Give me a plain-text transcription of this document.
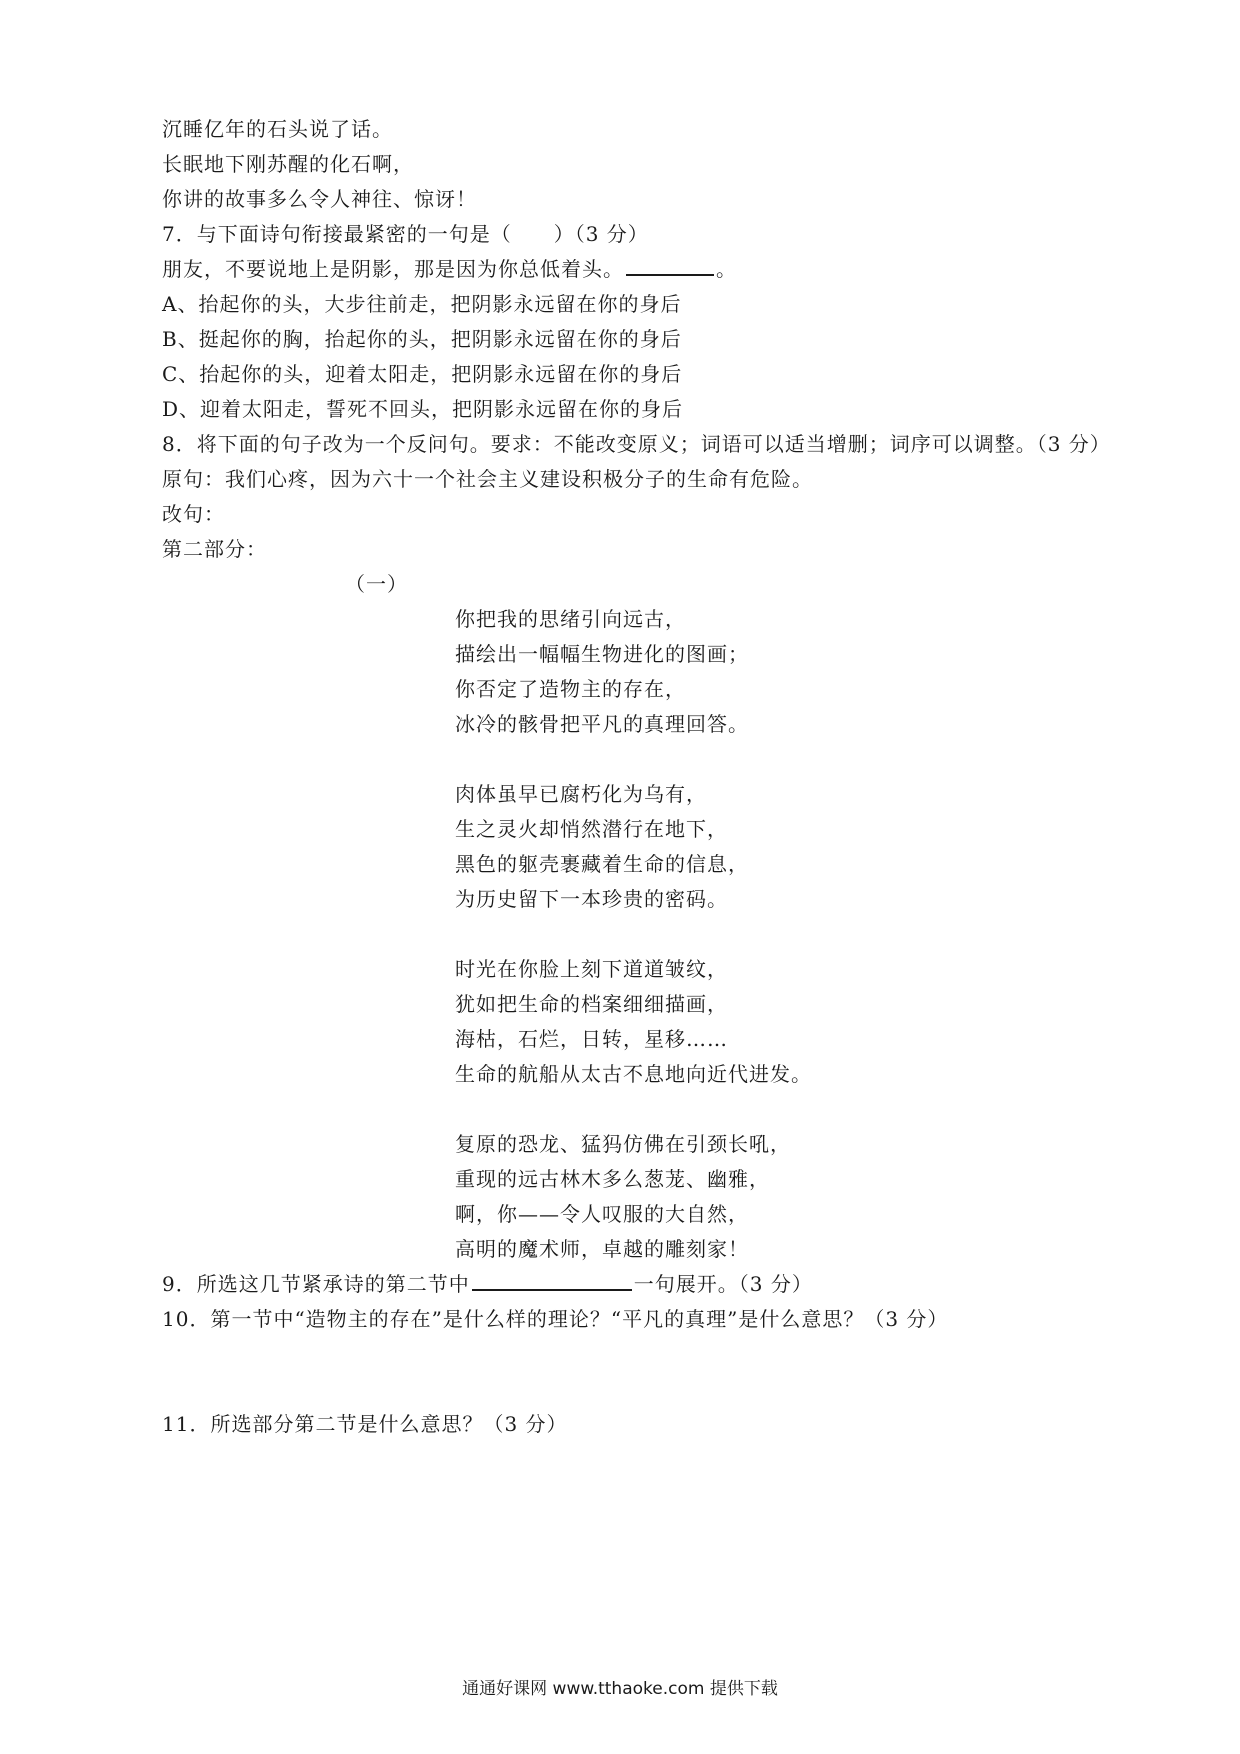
沉睡亿年的石头说了话。
长眠地下刚苏醒的化石啊，
你讲的故事多么令人神往、惊讶！
7．与下面诗句衔接最紧密的一句是（　　）（3 分）
朋友，不要说地上是阴影，那是因为你总低着头。	。
A、抬起你的头，大步往前走，把阴影永远留在你的身后
B、挺起你的胸，抬起你的头，把阴影永远留在你的身后
C、抬起你的头，迎着太阳走，把阴影永远留在你的身后
D、迎着太阳走，誓死不回头，把阴影永远留在你的身后
8．将下面的句子改为一个反问句。要求：不能改变原义；词语可以适当增删；词序可以调整。（3 分）
原句：我们心疼，因为六十一个社会主义建设积极分子的生命有危险。
改句：
第二部分：
（一）
你把我的思绪引向远古，
描绘出一幅幅生物进化的图画；
你否定了造物主的存在，
冰冷的骸骨把平凡的真理回答。
肉体虽早已腐朽化为乌有，
生之灵火却悄然潜行在地下，
黑色的躯壳裹藏着生命的信息，
为历史留下一本珍贵的密码。
时光在你脸上刻下道道皱纹，
犹如把生命的档案细细描画，
海枯，石烂，日转，星移……
生命的航船从太古不息地向近代进发。
复原的恐龙、猛犸仿佛在引颈长吼，
重现的远古林木多么葱茏、幽雅，
啊，你——令人叹服的大自然，
高明的魔术师，卓越的雕刻家！
9．所选这几节紧承诗的第二节中	一句展开。（3 分）
10．第一节中“造物主的存在”是什么样的理论？“平凡的真理”是什么意思？（3 分）
11．所选部分第二节是什么意思？（3 分）
通通好课网 www.tthaoke.com 提供下载
